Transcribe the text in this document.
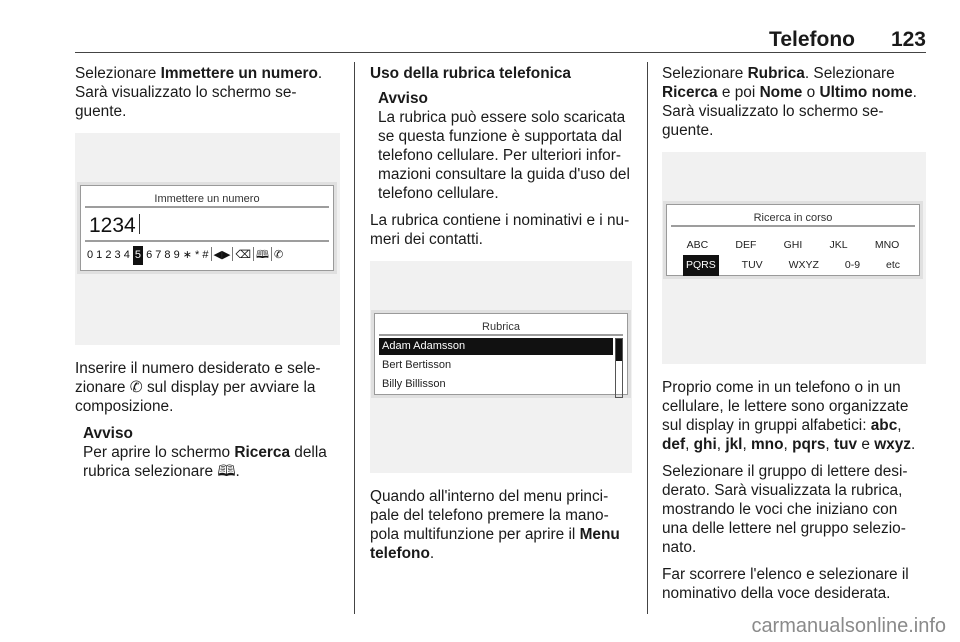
Telefono 123

Selezionare Immettere un numero. Sarà visualizzato lo schermo seguente.

Immettere un numero
1234
0 1 2 3 4 5 6 7 8 9 ∗ * # ◀▶ ⌫ 🕮 ✆

Inserire il numero desiderato e selezionare ✆ sul display per avviare la composizione.

Avviso
Per aprire lo schermo Ricerca della rubrica selezionare 🕮.
Uso della rubrica telefonica
Avviso
La rubrica può essere solo scaricata se questa funzione è supportata dal telefono cellulare. Per ulteriori informazioni consultare la guida d'uso del telefono cellulare.

La rubrica contiene i nominativi e i numeri dei contatti.

Rubrica
Adam Adamsson
Bert Bertisson
Billy Billisson

Quando all'interno del menu principale del telefono premere la manopola multifunzione per aprire il Menu telefono.

Selezionare Rubrica. Selezionare Ricerca e poi Nome o Ultimo nome. Sarà visualizzato lo schermo seguente.

Ricerca in corso
ABC	DEF	GHI	JKL	MNO
PQRS TUV WXYZ 0-9 etc

Proprio come in un telefono o in un cellulare, le lettere sono organizzate sul display in gruppi alfabetici: abc, def, ghi, jkl, mno, pqrs, tuv e wxyz.

Selezionare il gruppo di lettere desiderato. Sarà visualizzata la rubrica, mostrando le voci che iniziano con una delle lettere nel gruppo selezionato.

Far scorrere l'elenco e selezionare il nominativo della voce desiderata.

carmanualsonline.info
